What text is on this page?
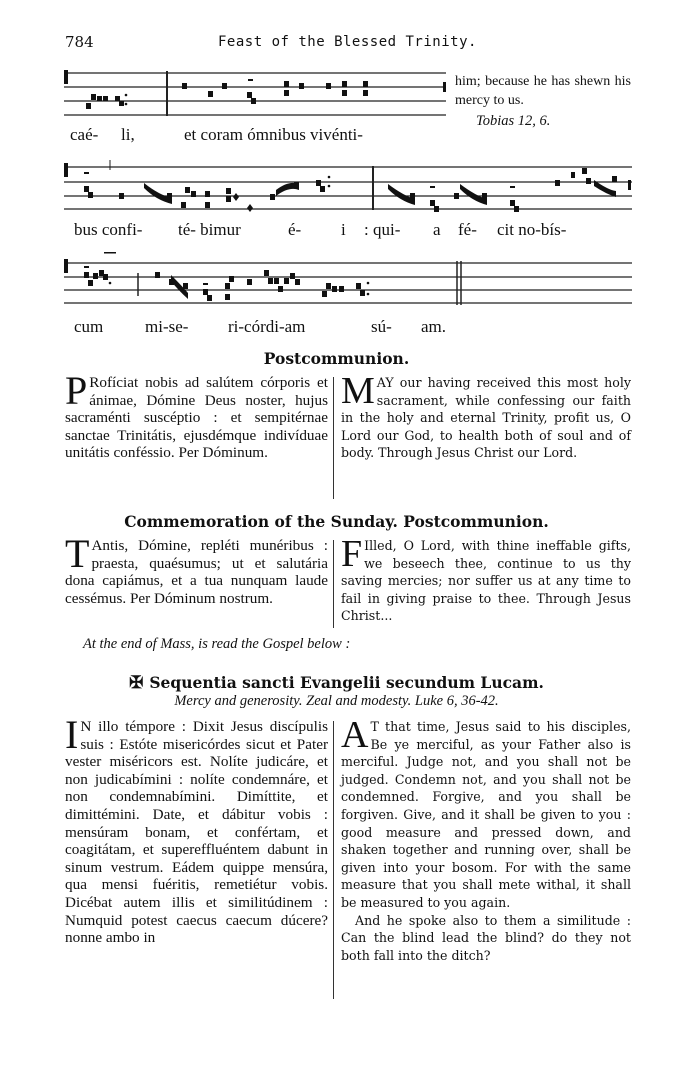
784	Feast of the Blessed Trinity.
him; because he has shewn his mercy to us.
Tobias 12, 6.
caé- li,	et coram ómnibus vivénti-
bus confi- té- bimur	é- i : qui- a fé- cit no-bís-
cum mi-se- ri-córdi-am	sú- am.
Postcommunion.

P Rofíciat nobis ad salútem córporis et ánimae, Dómine Deus noster, hujus sacraménti suscéptio : et sempitérnae sanctae Trinitátis, ejusdémque indivíduae unitátis conféssio. Per Dóminum.

MAY our having received this most holy sacrament, while confessing our faith in the holy and eternal Trinity, profit us, O Lord our God, to health both of soul and of body. Through Jesus Christ our Lord.

Commemoration of the Sunday. Postcommunion.

T Antis, Dómine, repléti munéribus : praesta, quaésumus; ut et salutária dona capiámus, et a tua nunquam laude cessémus. Per Dóminum nostrum.

F Illed, O Lord, with thine ineffable gifts, we beseech thee, continue to us thy saving mercies; nor suffer us at any time to fail in giving praise to thee. Through Jesus Christ...

At the end of Mass, is read the Gospel below :
✠ Sequentia sancti Evangelii secundum Lucam.
Mercy and generosity. Zeal and modesty. Luke 6, 36-42.

I N illo témpore : Dixit Jesus discípulis suis : Estóte misericórdes sicut et Pater vester miséricors est. Nolíte judicáre, et non judicabímini : nolíte condemnáre, et non condemnabímini. Dimíttite, et dimittémini. Date, et dábitur vobis : mensúram bonam, et confértam, et coagitátam, et supereffluéntem dabunt in sinum vestrum. Eádem quippe mensúra, qua mensi fuéritis, remetiétur vobis. Dicébat autem illis et similitúdinem : Numquid potest caecus caecum dúcere? nonne ambo in

A T that time, Jesus said to his disciples, Be ye merciful, as your Father also is merciful. Judge not, and you shall not be judged. Condemn not, and you shall not be condemned. Forgive, and you shall be forgiven. Give, and it shall be given to you : good measure and pressed down, and shaken together and running over, shall be given into your bosom. For with the same measure that you shall mete withal, it shall be measured to you again.

And he spoke also to them a similitude : Can the blind lead the blind? do they not both fall into the ditch?
